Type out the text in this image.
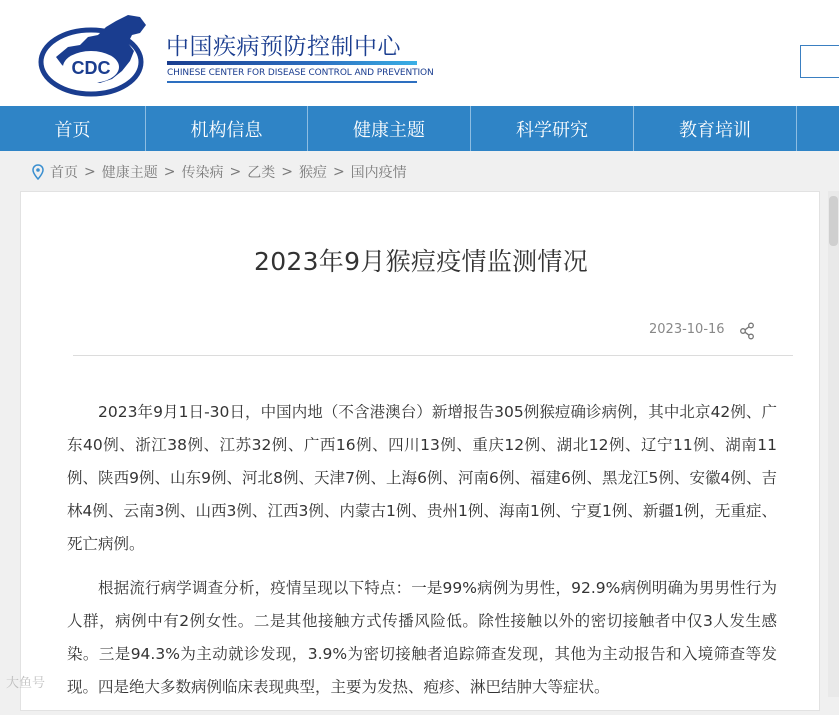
CDC
中国疾病预防控制中心
CHINESE CENTER FOR DISEASE CONTROL AND PREVENTION
首页	机构信息	健康主题	科学研究	教育培训
首页 > 健康主题 > 传染病 > 乙类 > 猴痘 > 国内疫情
2023年9月猴痘疫情监测情况
2023-10-16

2023年9月1日-30日，中国内地（不含港澳台）新增报告305例猴痘确诊病例，其中北京42例、广东40例、浙江38例、江苏32例、广西16例、四川13例、重庆12例、湖北12例、辽宁11例、湖南11例、陕西9例、山东9例、河北8例、天津7例、上海6例、河南6例、福建6例、黑龙江5例、安徽4例、吉林4例、云南3例、山西3例、江西3例、内蒙古1例、贵州1例、海南1例、宁夏1例、新疆1例，无重症、死亡病例。

根据流行病学调查分析，疫情呈现以下特点：一是99%病例为男性，92.9%病例明确为男男性行为人群，病例中有2例女性。二是其他接触方式传播风险低。除性接触以外的密切接触者中仅3人发生感染。三是94.3%为主动就诊发现，3.9%为密切接触者追踪筛查发现，其他为主动报告和入境筛查等发现。四是绝大多数病例临床表现典型，主要为发热、疱疹、淋巴结肿大等症状。

大鱼号
